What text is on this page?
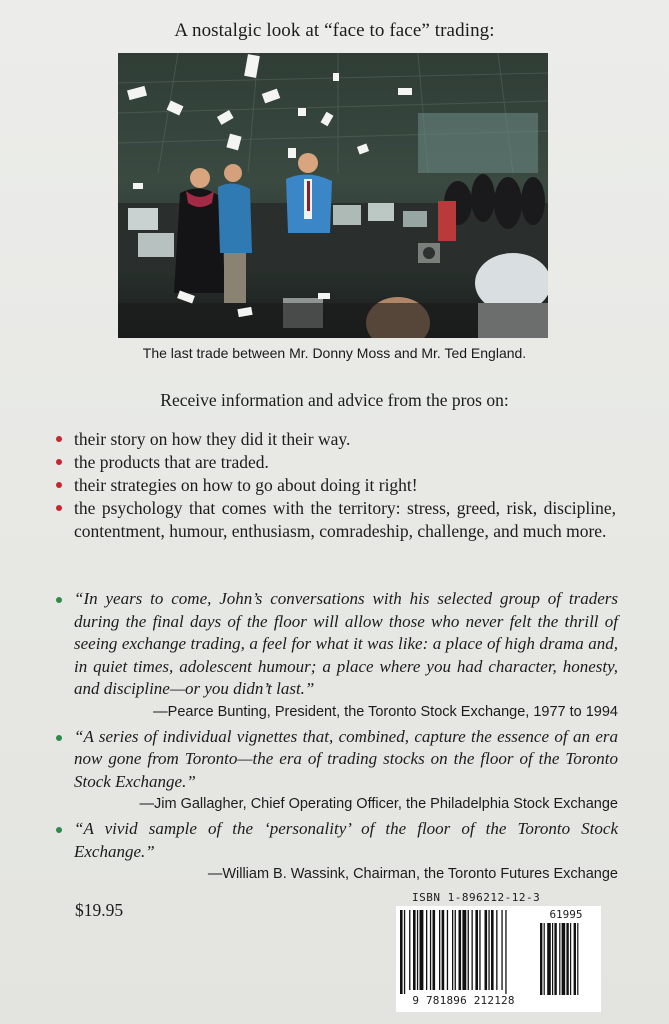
A nostalgic look at “face to face” trading:
The last trade between Mr. Donny Moss and Mr. Ted England.
Receive information and advice from the pros on:
their story on how they did it their way.
the products that are traded.
their strategies on how to go about doing it right!
the psychology that comes with the territory: stress, greed, risk, discipline, contentment, humour, enthusiasm, comradeship, challenge, and much more.
“In years to come, John’s conversations with his selected group of traders during the final days of the floor will allow those who never felt the thrill of seeing exchange trading, a feel for what it was like: a place of high drama and, in quiet times, adolescent humour; a place where you had character, honesty, and discipline—or you didn’t last.”
—Pearce Bunting, President, the Toronto Stock Exchange, 1977 to 1994
“A series of individual vignettes that, combined, capture the essence of an era now gone from Toronto—the era of trading stocks on the floor of the Toronto Stock Exchange.”
—Jim Gallagher, Chief Operating Officer, the Philadelphia Stock Exchange
“A vivid sample of the ‘personality’ of the floor of the Toronto Stock Exchange.”
—William B. Wassink, Chairman, the Toronto Futures Exchange
$19.95
ISBN 1-896212-12-3
9 781896 212128
61995
